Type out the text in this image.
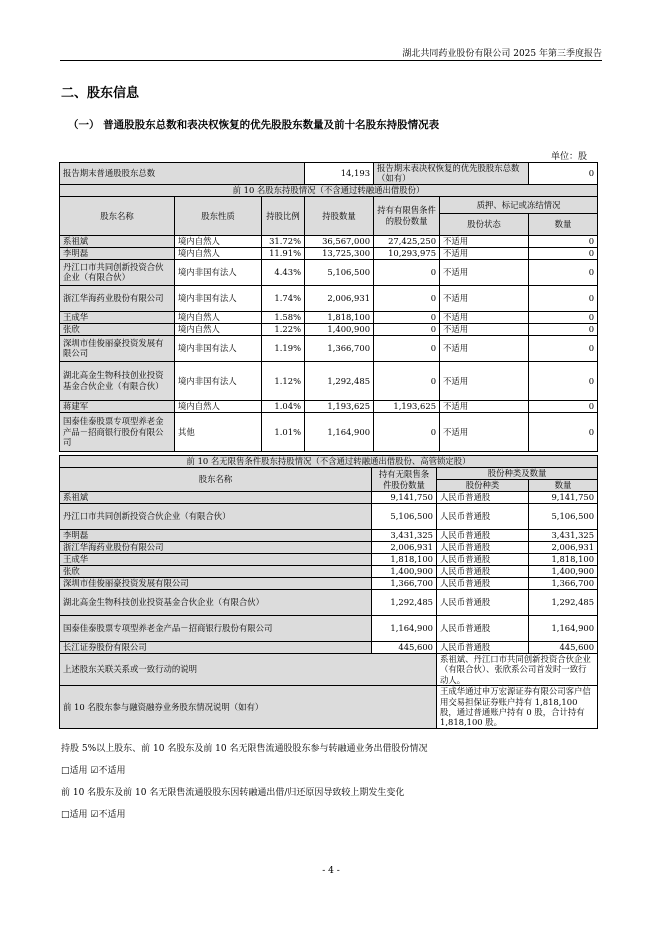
湖北共同药业股份有限公司 2025 年第三季度报告
二、股东信息
（一） 普通股股东总数和表决权恢复的优先股股东数量及前十名股东持股情况表
单位：股
报告期末普通股股东总数			14,193	报告期末表决权恢复的优先股股东总数（如有）		0
前 10 名股东持股情况（不含通过转融通出借股份）						
股东名称	股东性质	持股比例	持股数量	持有有限售条件的股份数量	质押、标记或冻结情况	
					股份状态	数量
系祖斌	境内自然人	31.72%	36,567,000	27,425,250	不适用	0
李明磊	境内自然人	11.91%	13,725,300	10,293,975	不适用	0
丹江口市共同创新投资合伙企业（有限合伙）	境内非国有法人	4.43%	5,106,500	0	不适用	0
浙江华海药业股份有限公司	境内非国有法人	1.74%	2,006,931	0	不适用	0
王成华	境内自然人	1.58%	1,818,100	0	不适用	0
张欣	境内自然人	1.22%	1,400,900	0	不适用	0
深圳市佳俊丽豪投资发展有限公司	境内非国有法人	1.19%	1,366,700	0	不适用	0
湖北高金生物科技创业投资基金合伙企业（有限合伙）	境内非国有法人	1.12%	1,292,485	0	不适用	0
蒋建军	境内自然人	1.04%	1,193,625	1,193,625	不适用	0
国泰佳泰股票专项型养老金产品－招商银行股份有限公司	其他	1.01%	1,164,900	0	不适用	0
前 10 名无限售条件股东持股情况（不含通过转融通出借股份、高管锁定股）			
股东名称	持有无限售条件股份数量	股份种类及数量	
		股份种类	数量
系祖斌	9,141,750	人民币普通股	9,141,750
丹江口市共同创新投资合伙企业（有限合伙）	5,106,500	人民币普通股	5,106,500
李明磊	3,431,325	人民币普通股	3,431,325
浙江华海药业股份有限公司	2,006,931	人民币普通股	2,006,931
王成华	1,818,100	人民币普通股	1,818,100
张欣	1,400,900	人民币普通股	1,400,900
深圳市佳俊丽豪投资发展有限公司	1,366,700	人民币普通股	1,366,700
湖北高金生物科技创业投资基金合伙企业（有限合伙）	1,292,485	人民币普通股	1,292,485
国泰佳泰股票专项型养老金产品－招商银行股份有限公司	1,164,900	人民币普通股	1,164,900
长江证券股份有限公司	445,600	人民币普通股	445,600
上述股东关联关系或一致行动的说明		系祖斌、丹江口市共同创新投资合伙企业（有限合伙）、张欣系公司首发时一致行动人。	
前 10 名股东参与融资融券业务股东情况说明（如有）		王成华通过申万宏源证券有限公司客户信用交易担保证券账户持有 1,818,100 股，通过普通账户持有 0 股，合计持有 1,818,100 股。	
持股 5%以上股东、前 10 名股东及前 10 名无限售流通股股东参与转融通业务出借股份情况
□适用 ☑不适用
前 10 名股东及前 10 名无限售流通股股东因转融通出借/归还原因导致较上期发生变化
□适用 ☑不适用
- 4 -
